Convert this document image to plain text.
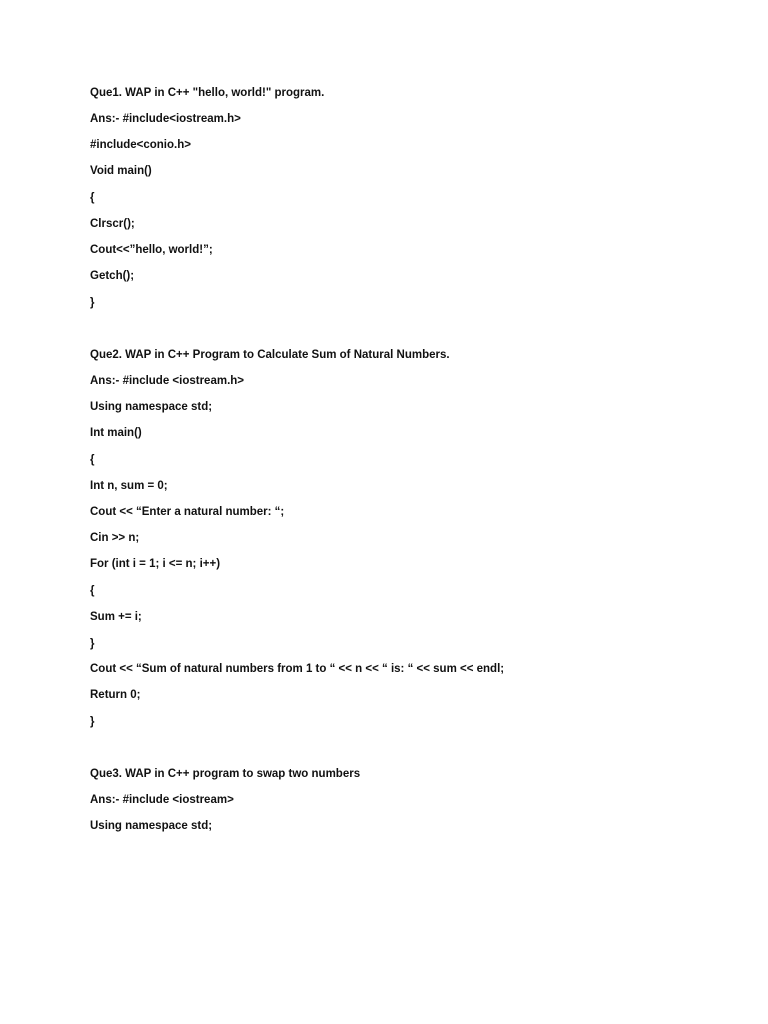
Que1. WAP in C++ "hello, world!" program.
Ans:- #include<iostream.h>
#include<conio.h>
Void main()
{
Clrscr();
Cout<<”hello, world!”;
Getch();
}
Que2. WAP in C++ Program to Calculate Sum of Natural Numbers.
Ans:- #include <iostream.h>
Using namespace std;
Int main()
{
Int n, sum = 0;
Cout << “Enter a natural number: “;
Cin >> n;
For (int i = 1; i <= n; i++)
{
Sum += i;
}
Cout << “Sum of natural numbers from 1 to “ << n << “ is: “ << sum << endl;
Return 0;
}
Que3. WAP in C++ program to swap two numbers
Ans:- #include <iostream>
Using namespace std;
